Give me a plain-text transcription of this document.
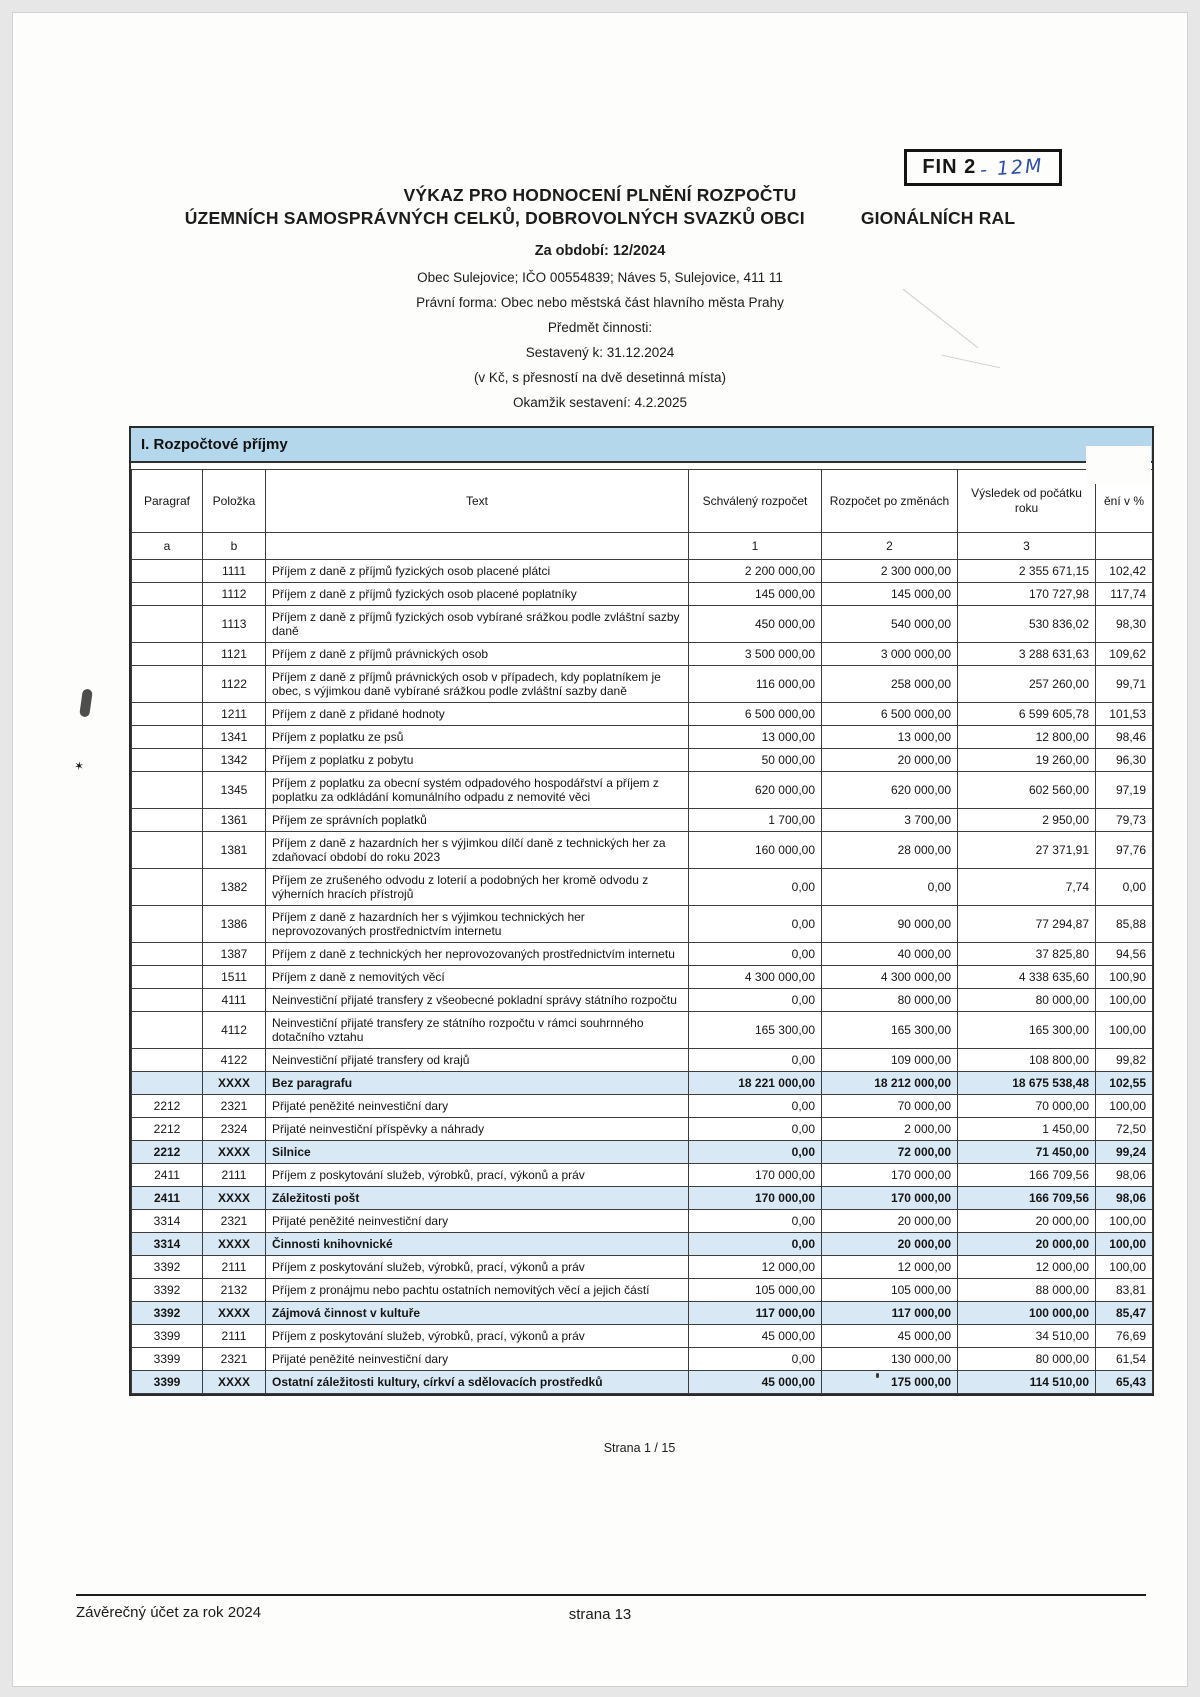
FIN 2 - 12M
VÝKAZ PRO HODNOCENÍ PLNĚNÍ ROZPOČTU
ÚZEMNÍCH SAMOSPRÁVNÝCH CELKŮ, DOBROVOLNÝCH SVAZKŮ OBCI	GIONÁLNÍCH RAL
Za období: 12/2024
Obec Sulejovice; IČO 00554839; Náves 5, Sulejovice, 411 11
Právní forma: Obec nebo městská část hlavního města Prahy
Předmět činnosti:
Sestavený k: 31.12.2024
(v Kč, s přesností na dvě desetinná místa)
Okamžik sestavení: 4.2.2025
I. Rozpočtové příjmy
Paragraf	Položka	Text	Schválený rozpočet	Rozpočet po změnách	Výsledek od počátku roku	ění v %
a	b		1	2	3	
	1111	Příjem z daně z příjmů fyzických osob placené plátci	2 200 000,00	2 300 000,00	2 355 671,15	102,42
	1112	Příjem z daně z příjmů fyzických osob placené poplatníky	145 000,00	145 000,00	170 727,98	117,74
	1113	Příjem z daně z příjmů fyzických osob vybírané srážkou podle zvláštní sazby daně	450 000,00	540 000,00	530 836,02	98,30
	1121	Příjem z daně z příjmů právnických osob	3 500 000,00	3 000 000,00	3 288 631,63	109,62
	1122	Příjem z daně z příjmů právnických osob v případech, kdy poplatníkem je obec, s výjimkou daně vybírané srážkou podle zvláštní sazby daně	116 000,00	258 000,00	257 260,00	99,71
	1211	Příjem z daně z přidané hodnoty	6 500 000,00	6 500 000,00	6 599 605,78	101,53
	1341	Příjem z poplatku ze psů	13 000,00	13 000,00	12 800,00	98,46
	1342	Příjem z poplatku z pobytu	50 000,00	20 000,00	19 260,00	96,30
	1345	Příjem z poplatku za obecní systém odpadového hospodářství a příjem z poplatku za odkládání komunálního odpadu z nemovité věci	620 000,00	620 000,00	602 560,00	97,19
	1361	Příjem ze správních poplatků	1 700,00	3 700,00	2 950,00	79,73
	1381	Příjem z daně z hazardních her s výjimkou dílčí daně z technických her za zdaňovací období do roku 2023	160 000,00	28 000,00	27 371,91	97,76
	1382	Příjem ze zrušeného odvodu z loterií a podobných her kromě odvodu z výherních hracích přístrojů	0,00	0,00	7,74	0,00
	1386	Příjem z daně z hazardních her s výjimkou technických her neprovozovaných prostřednictvím internetu	0,00	90 000,00	77 294,87	85,88
	1387	Příjem z daně z technických her neprovozovaných prostřednictvím internetu	0,00	40 000,00	37 825,80	94,56
	1511	Příjem z daně z nemovitých věcí	4 300 000,00	4 300 000,00	4 338 635,60	100,90
	4111	Neinvestiční přijaté transfery z všeobecné pokladní správy státního rozpočtu	0,00	80 000,00	80 000,00	100,00
	4112	Neinvestiční přijaté transfery ze státního rozpočtu v rámci souhrnného dotačního vztahu	165 300,00	165 300,00	165 300,00	100,00
	4122	Neinvestiční přijaté transfery od krajů	0,00	109 000,00	108 800,00	99,82
	XXXX	Bez paragrafu	18 221 000,00	18 212 000,00	18 675 538,48	102,55
2212	2321	Přijaté peněžité neinvestiční dary	0,00	70 000,00	70 000,00	100,00
2212	2324	Přijaté neinvestiční příspěvky a náhrady	0,00	2 000,00	1 450,00	72,50
2212	XXXX	Silnice	0,00	72 000,00	71 450,00	99,24
2411	2111	Příjem z poskytování služeb, výrobků, prací, výkonů a práv	170 000,00	170 000,00	166 709,56	98,06
2411	XXXX	Záležitosti pošt	170 000,00	170 000,00	166 709,56	98,06
3314	2321	Přijaté peněžité neinvestiční dary	0,00	20 000,00	20 000,00	100,00
3314	XXXX	Činnosti knihovnické	0,00	20 000,00	20 000,00	100,00
3392	2111	Příjem z poskytování služeb, výrobků, prací, výkonů a práv	12 000,00	12 000,00	12 000,00	100,00
3392	2132	Příjem z pronájmu nebo pachtu ostatních nemovitých věcí a jejich částí	105 000,00	105 000,00	88 000,00	83,81
3392	XXXX	Zájmová činnost v kultuře	117 000,00	117 000,00	100 000,00	85,47
3399	2111	Příjem z poskytování služeb, výrobků, prací, výkonů a práv	45 000,00	45 000,00	34 510,00	76,69
3399	2321	Přijaté peněžité neinvestiční dary	0,00	130 000,00	80 000,00	61,54
3399	XXXX	Ostatní záležitosti kultury, církví a sdělovacích prostředků	45 000,00	175 000,00	114 510,00	65,43
Strana 1 / 15
Závěrečný účet za rok 2024	strana 13
✶
